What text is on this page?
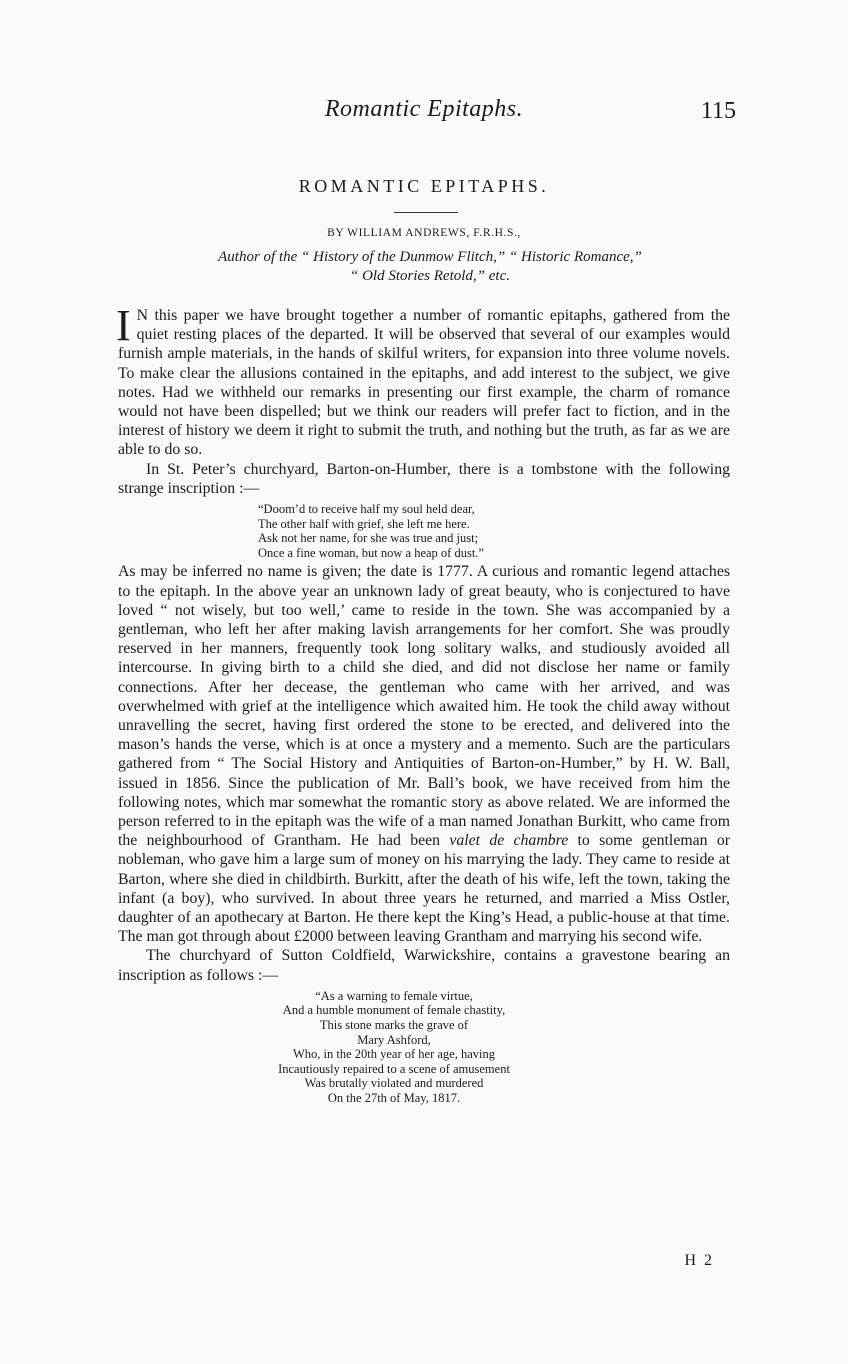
Romantic Epitaphs.	115
ROMANTIC EPITAPHS.
BY WILLIAM ANDREWS, F.R.H.S.,
Author of the “ History of the Dunmow Flitch,” “ Historic Romance,”
“ Old Stories Retold,” etc.

I N this paper we have brought together a number of romantic epitaphs, gathered from the quiet resting places of the departed. It will be observed that several of our examples would furnish ample materials, in the hands of skilful writers, for expansion into three volume novels. To make clear the allusions contained in the epitaphs, and add interest to the subject, we give notes. Had we withheld our remarks in presenting our first example, the charm of romance would not have been dispelled; but we think our readers will prefer fact to fiction, and in the interest of history we deem it right to submit the truth, and nothing but the truth, as far as we are able to do so.

In St. Peter’s churchyard, Barton-on-Humber, there is a tombstone with the following strange inscription :—

“Doom’d to receive half my soul held dear,
The other half with grief, she left me here.
Ask not her name, for she was true and just;
Once a fine woman, but now a heap of dust.”

As may be inferred no name is given; the date is 1777. A curious and romantic legend attaches to the epitaph. In the above year an unknown lady of great beauty, who is conjectured to have loved “ not wisely, but too well,’ came to reside in the town. She was accompanied by a gentleman, who left her after making lavish arrangements for her comfort. She was proudly reserved in her manners, frequently took long solitary walks, and studiously avoided all intercourse. In giving birth to a child she died, and did not disclose her name or family connections. After her decease, the gentleman who came with her arrived, and was overwhelmed with grief at the intelligence which awaited him. He took the child away without unravelling the secret, having first ordered the stone to be erected, and delivered into the mason’s hands the verse, which is at once a mystery and a memento. Such are the particulars gathered from “ The Social History and Antiquities of Barton-on-Humber,” by H. W. Ball, issued in 1856. Since the publication of Mr. Ball’s book, we have received from him the following notes, which mar somewhat the romantic story as above related. We are informed the person referred to in the epitaph was the wife of a man named Jonathan Burkitt, who came from the neighbourhood of Grantham. He had been valet de chambre to some gentleman or nobleman, who gave him a large sum of money on his marrying the lady. They came to reside at Barton, where she died in childbirth. Burkitt, after the death of his wife, left the town, taking the infant (a boy), who survived. In about three years he returned, and married a Miss Ostler, daughter of an apothecary at Barton. He there kept the King’s Head, a public-house at that time. The man got through about £2000 between leaving Grantham and marrying his second wife.

The churchyard of Sutton Coldfield, Warwickshire, contains a gravestone bearing an inscription as follows :—

“As a warning to female virtue,
And a humble monument of female chastity,
This stone marks the grave of
Mary Ashford,
Who, in the 20th year of her age, having
Incautiously repaired to a scene of amusement
Was brutally violated and murdered
On the 27th of May, 1817.
H 2
